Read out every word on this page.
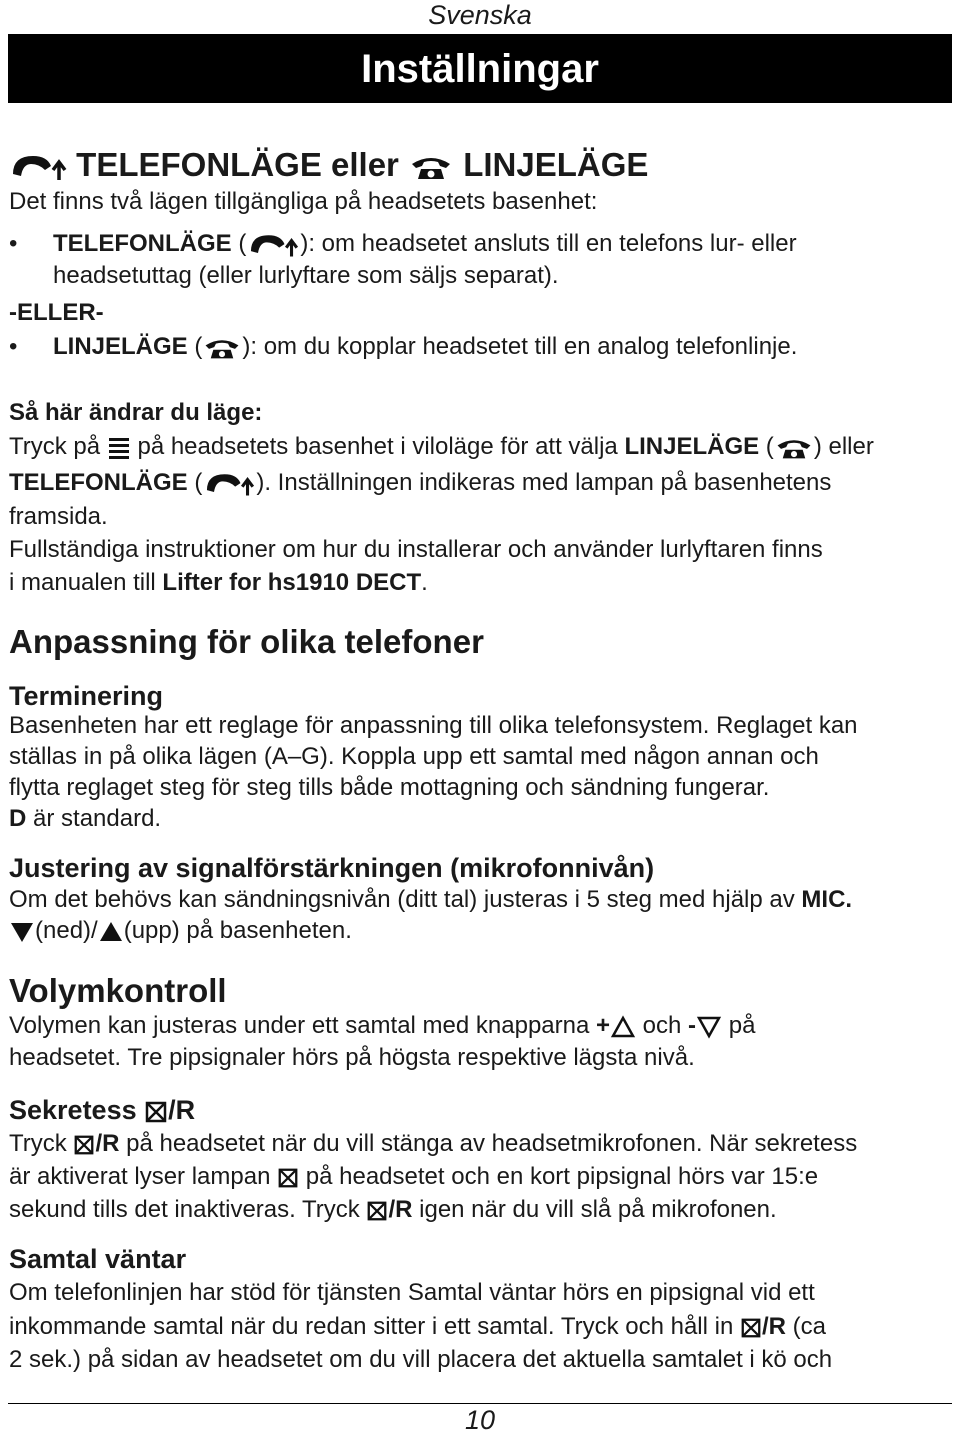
Svenska
Inställningar
TELEFONLÄGE eller LINJELÄGE
Det finns två lägen tillgängliga på headsetets basenhet:
• TELEFONLÄGE ( ): om headsetet ansluts till en telefons lur- eller
headsetuttag (eller lurlyftare som säljs separat).
-ELLER-
• LINJELÄGE ( ): om du kopplar headsetet till en analog telefonlinje.
Så här ändrar du läge:
Tryck på  på headsetets basenhet i viloläge för att välja LINJELÄGE ( ) eller
TELEFONLÄGE ( ). Inställningen indikeras med lampan på basenhetens
framsida.
Fullständiga instruktioner om hur du installerar och använder lurlyftaren finns
i manualen till Lifter for hs1910 DECT.
Anpassning för olika telefoner
Terminering
Basenheten har ett reglage för anpassning till olika telefonsystem. Reglaget kan
ställas in på olika lägen (A–G). Koppla upp ett samtal med någon annan och
flytta reglaget steg för steg tills både mottagning och sändning fungerar.
D är standard.
Justering av signalförstärkningen (mikrofonnivån)
Om det behövs kan sändningsnivån (ditt tal) justeras i 5 steg med hjälp av MIC.
(ned)/ (upp) på basenheten.
Volymkontroll
Volymen kan justeras under ett samtal med knapparna + och - på
headsetet. Tre pipsignaler hörs på högsta respektive lägsta nivå.
Sekretess /R
Tryck /R på headsetet när du vill stänga av headsetmikrofonen. När sekretess
är aktiverat lyser lampan  på headsetet och en kort pipsignal hörs var 15:e
sekund tills det inaktiveras. Tryck /R igen när du vill slå på mikrofonen.
Samtal väntar
Om telefonlinjen har stöd för tjänsten Samtal väntar hörs en pipsignal vid ett
inkommande samtal när du redan sitter i ett samtal. Tryck och håll in /R (ca
2 sek.) på sidan av headsetet om du vill placera det aktuella samtalet i kö och
10
